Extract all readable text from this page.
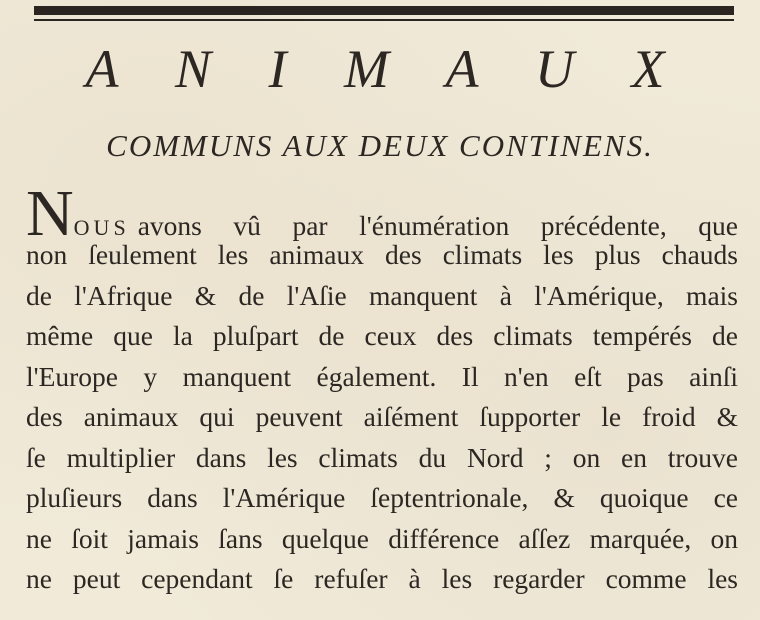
A N I M A U X
COMMUNS AUX DEUX CONTINENS.
N OUS avons vû par l'énumération précédente, que
non ſeulement les animaux des climats les plus chauds
de l'Afrique & de l'Aſie manquent à l'Amérique, mais
même que la pluſpart de ceux des climats tempérés de
l'Europe y manquent également. Il n'en eſt pas ainſi
des animaux qui peuvent aiſément ſupporter le froid &
ſe multiplier dans les climats du Nord ; on en trouve
pluſieurs dans l'Amérique ſeptentrionale, & quoique ce
ne ſoit jamais ſans quelque différence aſſez marquée, on
ne peut cependant ſe refuſer à les regarder comme les
